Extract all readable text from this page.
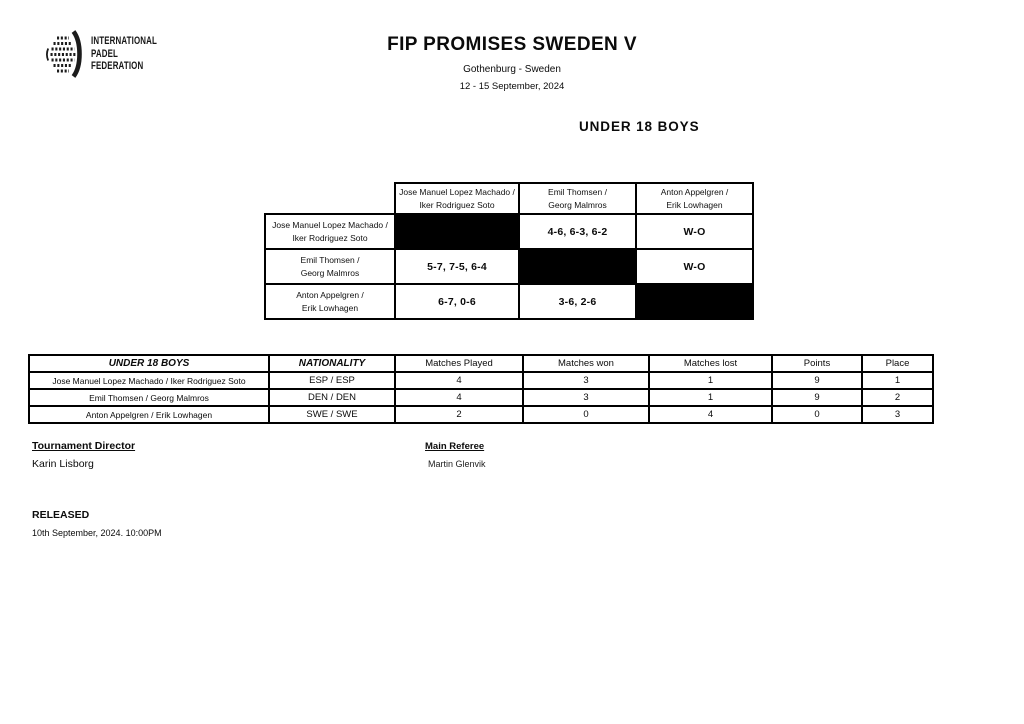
INTERNATIONAL
PADEL
FEDERATION
FIP PROMISES SWEDEN V
Gothenburg - Sweden
12 - 15 September, 2024
UNDER 18 BOYS

Jose Manuel Lopez Machado /
Iker Rodriguez Soto

Emil Thomsen /
Georg Malmros

Anton Appelgren /
Erik Lowhagen

Jose Manuel Lopez Machado /
Iker Rodriguez Soto		4-6, 6-3, 6-2	W-O

Emil Thomsen /
Georg Malmros	5-7, 7-5, 6-4		W-O

Anton Appelgren /
Erik Lowhagen	6-7, 0-6	3-6, 2-6	
UNDER 18 BOYS	NATIONALITY	Matches Played	Matches won	Matches lost	Points	Place
Jose Manuel Lopez Machado / Iker Rodriguez Soto	ESP / ESP	4	3	1	9	1
Emil Thomsen / Georg Malmros	DEN / DEN	4	3	1	9	2
Anton Appelgren / Erik Lowhagen	SWE / SWE	2	0	4	0	3
Tournament Director
Karin Lisborg
Main Referee
Martin Glenvik
RELEASED
10th September, 2024. 10:00PM
